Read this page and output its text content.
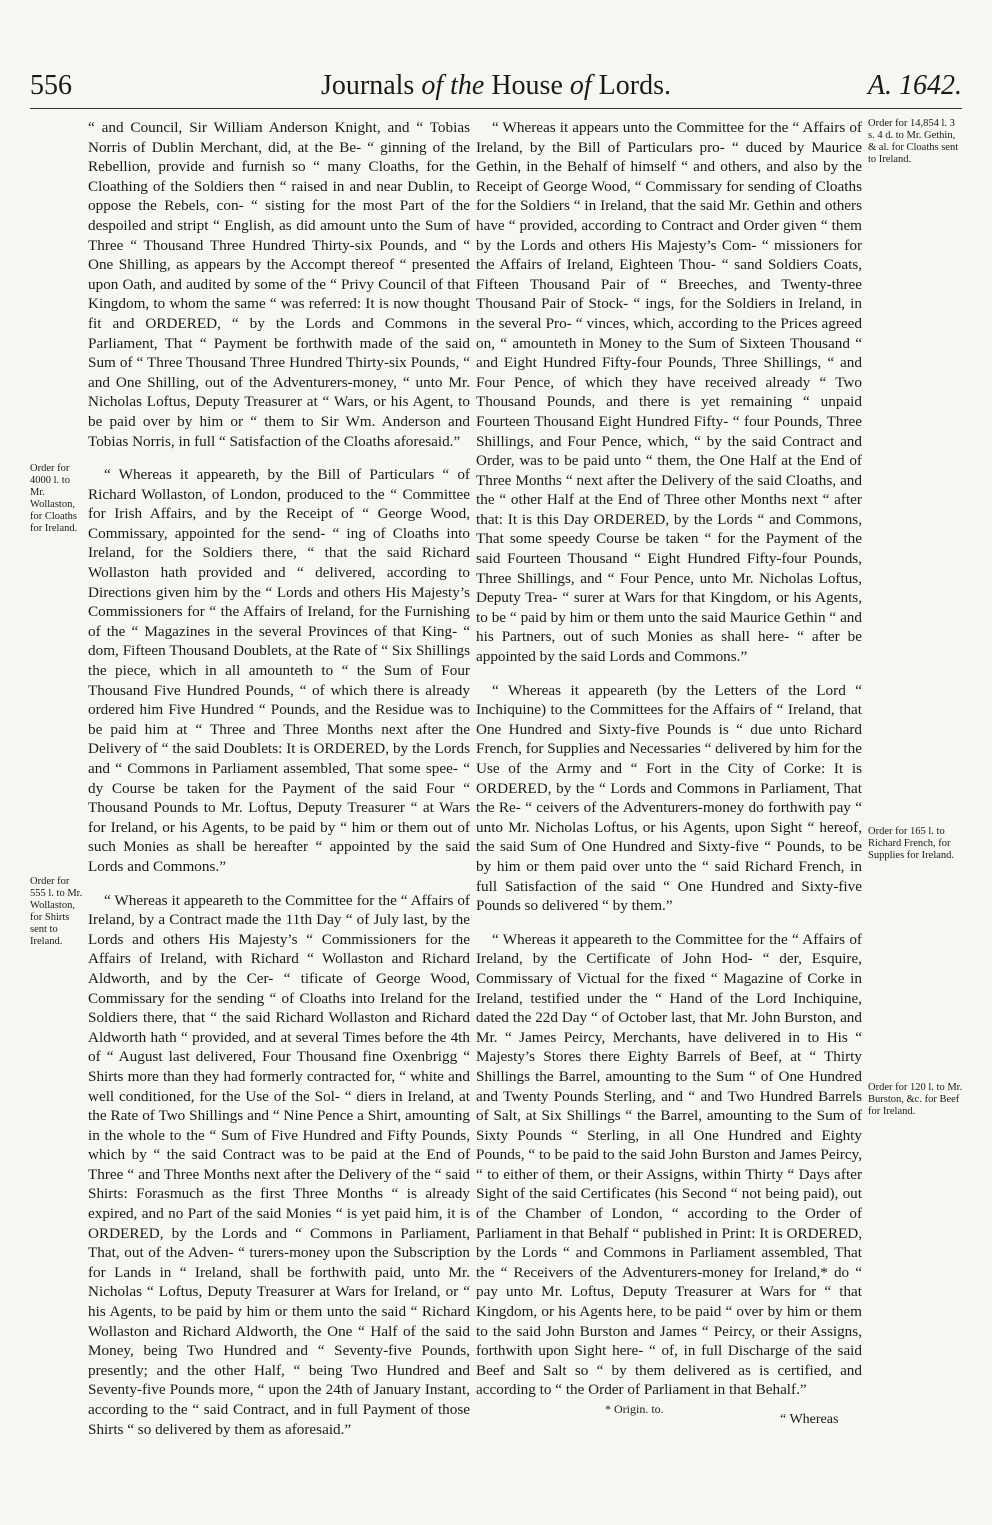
556	Journals of the House of Lords.	A. 1642.
Order for 4000 l. to Mr. Wollaston, for Cloaths for Ireland.
Order for 555 l. to Mr. Wollaston, for Shirts sent to Ireland.
Order for 14,854 l. 3 s. 4 d. to Mr. Gethin, & al. for Cloaths sent to Ireland.
Order for 165 l. to Richard French, for Supplies for Ireland.
Order for 120 l. to Mr. Burston, &c. for Beef for Ireland.

“ and Council, Sir William Anderson Knight, and “ Tobias Norris of Dublin Merchant, did, at the Be- “ ginning of the Rebellion, provide and furnish so “ many Cloaths, for the Cloathing of the Soldiers then “ raised in and near Dublin, to oppose the Rebels, con- “ sisting for the most Part of the despoiled and stript “ English, as did amount unto the Sum of Three “ Thousand Three Hundred Thirty-six Pounds, and “ One Shilling, as appears by the Accompt thereof “ presented upon Oath, and audited by some of the “ Privy Council of that Kingdom, to whom the same “ was referred: It is now thought fit and ORDERED, “ by the Lords and Commons in Parliament, That “ Payment be forthwith made of the said Sum of “ Three Thousand Three Hundred Thirty-six Pounds, “ and One Shilling, out of the Adventurers-money, “ unto Mr. Nicholas Loftus, Deputy Treasurer at “ Wars, or his Agent, to be paid over by him or “ them to Sir Wm. Anderson and Tobias Norris, in full “ Satisfaction of the Cloaths aforesaid.”

“ Whereas it appeareth, by the Bill of Particulars “ of Richard Wollaston, of London, produced to the “ Committee for Irish Affairs, and by the Receipt of “ George Wood, Commissary, appointed for the send- “ ing of Cloaths into Ireland, for the Soldiers there, “ that the said Richard Wollaston hath provided and “ delivered, according to Directions given him by the “ Lords and others His Majesty’s Commissioners for “ the Affairs of Ireland, for the Furnishing of the “ Magazines in the several Provinces of that King- “ dom, Fifteen Thousand Doublets, at the Rate of “ Six Shillings the piece, which in all amounteth to “ the Sum of Four Thousand Five Hundred Pounds, “ of which there is already ordered him Five Hundred “ Pounds, and the Residue was to be paid him at “ Three and Three Months next after the Delivery of “ the said Doublets: It is ORDERED, by the Lords and “ Commons in Parliament assembled, That some spee- “ dy Course be taken for the Payment of the said Four “ Thousand Pounds to Mr. Loftus, Deputy Treasurer “ at Wars for Ireland, or his Agents, to be paid by “ him or them out of such Monies as shall be hereafter “ appointed by the said Lords and Commons.”

“ Whereas it appeareth to the Committee for the “ Affairs of Ireland, by a Contract made the 11th Day “ of July last, by the Lords and others His Majesty’s “ Commissioners for the Affairs of Ireland, with Richard “ Wollaston and Richard Aldworth, and by the Cer- “ tificate of George Wood, Commissary for the sending “ of Cloaths into Ireland for the Soldiers there, that “ the said Richard Wollaston and Richard Aldworth hath “ provided, and at several Times before the 4th of “ August last delivered, Four Thousand fine Oxenbrigg “ Shirts more than they had formerly contracted for, “ white and well conditioned, for the Use of the Sol- “ diers in Ireland, at the Rate of Two Shillings and “ Nine Pence a Shirt, amounting in the whole to the “ Sum of Five Hundred and Fifty Pounds, which by “ the said Contract was to be paid at the End of Three “ and Three Months next after the Delivery of the “ said Shirts: Forasmuch as the first Three Months “ is already expired, and no Part of the said Monies “ is yet paid him, it is ORDERED, by the Lords and “ Commons in Parliament, That, out of the Adven- “ turers-money upon the Subscription for Lands in “ Ireland, shall be forthwith paid, unto Mr. Nicholas “ Loftus, Deputy Treasurer at Wars for Ireland, or “ his Agents, to be paid by him or them unto the said “ Richard Wollaston and Richard Aldworth, the One “ Half of the said Money, being Two Hundred and “ Seventy-five Pounds, presently; and the other Half, “ being Two Hundred and Seventy-five Pounds more, “ upon the 24th of January Instant, according to the “ said Contract, and in full Payment of those Shirts “ so delivered by them as aforesaid.”

“ Whereas it appears unto the Committee for the “ Affairs of Ireland, by the Bill of Particulars pro- “ duced by Maurice Gethin, in the Behalf of himself “ and others, and also by the Receipt of George Wood, “ Commissary for sending of Cloaths for the Soldiers “ in Ireland, that the said Mr. Gethin and others have “ provided, according to Contract and Order given “ them by the Lords and others His Majesty’s Com- “ missioners for the Affairs of Ireland, Eighteen Thou- “ sand Soldiers Coats, Fifteen Thousand Pair of “ Breeches, and Twenty-three Thousand Pair of Stock- “ ings, for the Soldiers in Ireland, in the several Pro- “ vinces, which, according to the Prices agreed on, “ amounteth in Money to the Sum of Sixteen Thousand “ and Eight Hundred Fifty-four Pounds, Three Shillings, “ and Four Pence, of which they have received already “ Two Thousand Pounds, and there is yet remaining “ unpaid Fourteen Thousand Eight Hundred Fifty- “ four Pounds, Three Shillings, and Four Pence, which, “ by the said Contract and Order, was to be paid unto “ them, the One Half at the End of Three Months “ next after the Delivery of the said Cloaths, and the “ other Half at the End of Three other Months next “ after that: It is this Day ORDERED, by the Lords “ and Commons, That some speedy Course be taken “ for the Payment of the said Fourteen Thousand “ Eight Hundred Fifty-four Pounds, Three Shillings, and “ Four Pence, unto Mr. Nicholas Loftus, Deputy Trea- “ surer at Wars for that Kingdom, or his Agents, to be “ paid by him or them unto the said Maurice Gethin “ and his Partners, out of such Monies as shall here- “ after be appointed by the said Lords and Commons.”

“ Whereas it appeareth (by the Letters of the Lord “ Inchiquine) to the Committees for the Affairs of “ Ireland, that One Hundred and Sixty-five Pounds is “ due unto Richard French, for Supplies and Necessaries “ delivered by him for the Use of the Army and “ Fort in the City of Corke: It is ORDERED, by the “ Lords and Commons in Parliament, That the Re- “ ceivers of the Adventurers-money do forthwith pay “ unto Mr. Nicholas Loftus, or his Agents, upon Sight “ hereof, the said Sum of One Hundred and Sixty-five “ Pounds, to be by him or them paid over unto the “ said Richard French, in full Satisfaction of the said “ One Hundred and Sixty-five Pounds so delivered “ by them.”

“ Whereas it appeareth to the Committee for the “ Affairs of Ireland, by the Certificate of John Hod- “ der, Esquire, Commissary of Victual for the fixed “ Magazine of Corke in Ireland, testified under the “ Hand of the Lord Inchiquine, dated the 22d Day “ of October last, that Mr. John Burston, and Mr. “ James Peircy, Merchants, have delivered in to His “ Majesty’s Stores there Eighty Barrels of Beef, at “ Thirty Shillings the Barrel, amounting to the Sum “ of One Hundred and Twenty Pounds Sterling, and “ and Two Hundred Barrels of Salt, at Six Shillings “ the Barrel, amounting to the Sum of Sixty Pounds “ Sterling, in all One Hundred and Eighty Pounds, “ to be paid to the said John Burston and James Peircy, “ to either of them, or their Assigns, within Thirty “ Days after Sight of the said Certificates (his Second “ not being paid), out of the Chamber of London, “ according to the Order of Parliament in that Behalf “ published in Print: It is ORDERED, by the Lords “ and Commons in Parliament assembled, That the “ Receivers of the Adventurers-money for Ireland,* do “ pay unto Mr. Loftus, Deputy Treasurer at Wars for “ that Kingdom, or his Agents here, to be paid “ over by him or them to the said John Burston and James “ Peircy, or their Assigns, forthwith upon Sight here- “ of, in full Discharge of the said Beef and Salt so “ by them delivered as is certified, and according to “ the Order of Parliament in that Behalf.”

* Origin. to.
“ Whereas
